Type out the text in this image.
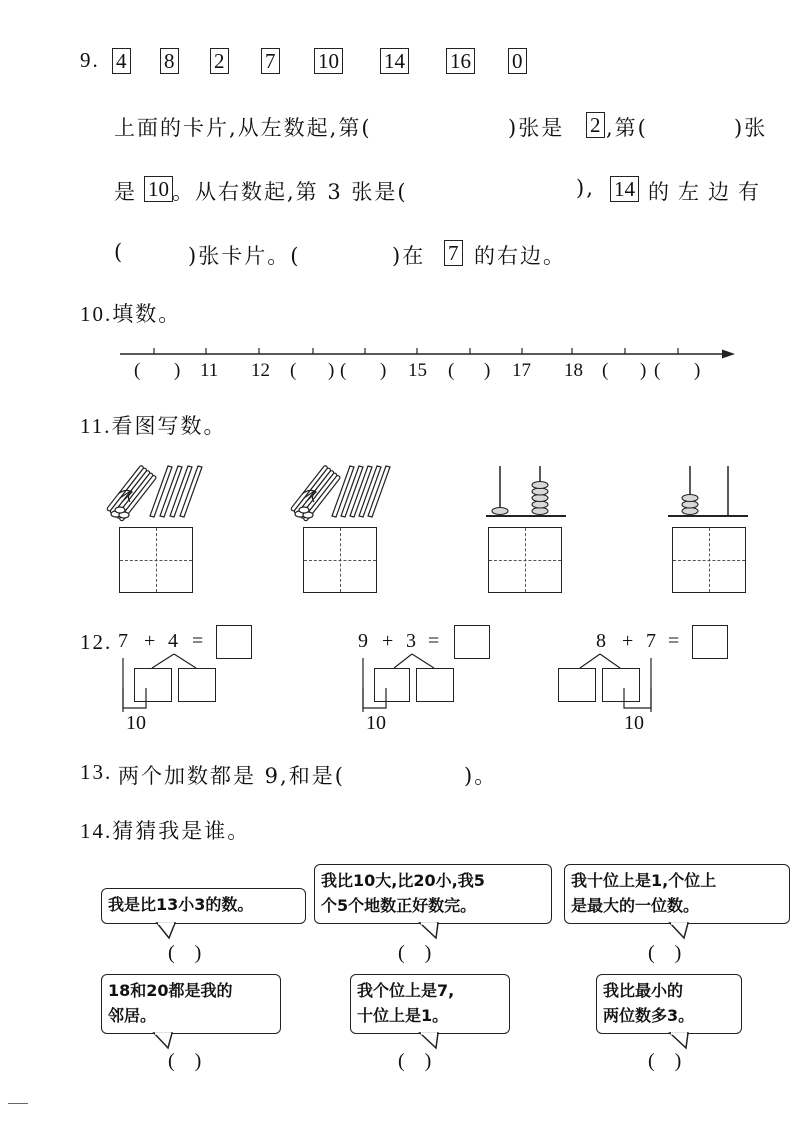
9. 4 8 2 7 10 14 16 0
上面的卡片,从左数起,第(	)张是 2 ,第(	)张
是 10 。从右数起,第 3 张是(	), 14 的左边有
(	)张卡片。(	)在 7 的右边。
10.填数。
( ) 11 12 ( ) ( ) 15 ( ) 17 18 ( ) ( )
11.看图写数。
12. 7 + 4 =
10
9 + 3 =
10
8 + 7 =
10
13. 两个加数都是 9,和是(	)。
14.猜猜我是谁。
我是比13小3的数。
我比10大,比20小,我5
个5个地数正好数完。
我十位上是1,个位上
是最大的一位数。
( )	( )	( )
18和20都是我的
邻居。
我个位上是7,
十位上是1。
我比最小的
两位数多3。
( )	( )	( )
